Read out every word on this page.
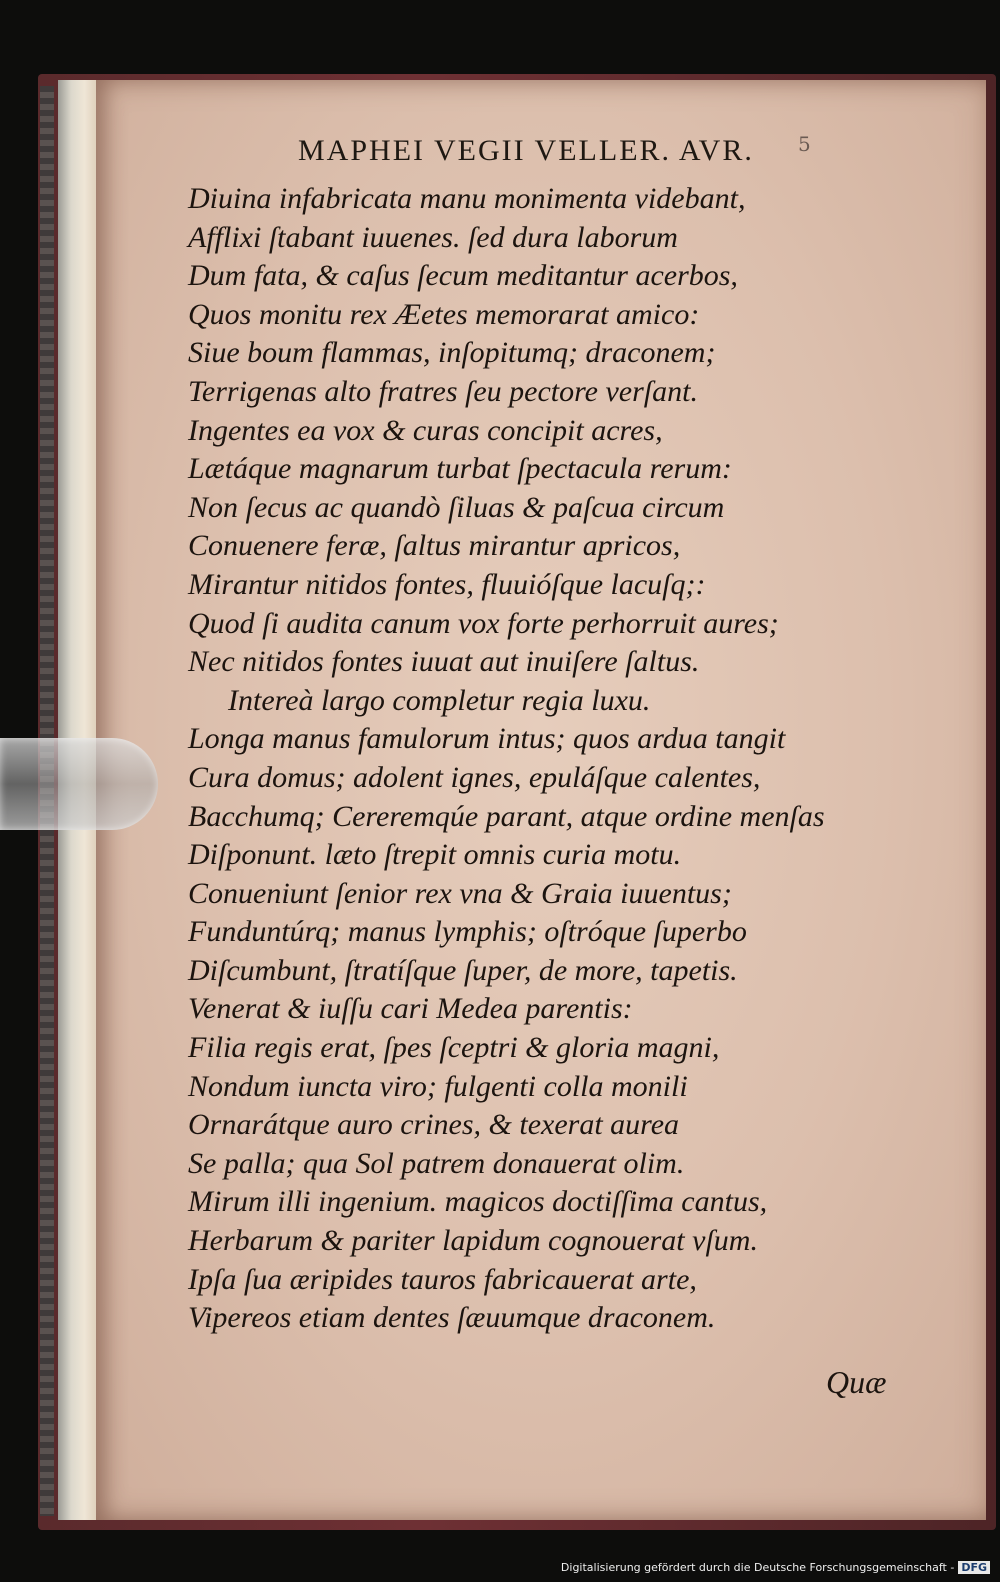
5
MAPHEI VEGII VELLER. AVR.
Diuina infabricata manu monimenta videbant,
Afflixi ſtabant iuuenes. ſed dura laborum
Dum fata, & caſus ſecum meditantur acerbos,
Quos monitu rex Æetes memorarat amico:
Siue boum flammas, inſopitumq; draconem;
Terrigenas alto fratres ſeu pectore verſant.
Ingentes ea vox & curas concipit acres,
Lætáque magnarum turbat ſpectacula rerum:
Non ſecus ac quandò ſiluas & paſcua circum
Conuenere feræ, ſaltus mirantur apricos,
Mirantur nitidos fontes, fluuióſque lacuſq;:
Quod ſi audita canum vox forte perhorruit aures;
Nec nitidos fontes iuuat aut inuiſere ſaltus.
Intereà largo completur regia luxu.
Longa manus famulorum intus; quos ardua tangit
Cura domus; adolent ignes, epuláſque calentes,
Bacchumq; Cereremqúe parant, atque ordine menſas
Diſponunt. læto ſtrepit omnis curia motu.
Conueniunt ſenior rex vna & Graia iuuentus;
Funduntúrq; manus lymphis; oſtróque ſuperbo
Diſcumbunt, ſtratíſque ſuper, de more, tapetis.
Venerat & iuſſu cari Medea parentis:
Filia regis erat, ſpes ſceptri & gloria magni,
Nondum iuncta viro; fulgenti colla monili
Ornarátque auro crines, & texerat aurea
Se palla; qua Sol patrem donauerat olim.
Mirum illi ingenium. magicos doctiſſima cantus,
Herbarum & pariter lapidum cognouerat vſum.
Ipſa ſua æripides tauros fabricauerat arte,
Vipereos etiam dentes ſæuumque draconem.
Quæ
Digitalisierung gefördert durch die Deutsche Forschungsgemeinschaft - DFG
